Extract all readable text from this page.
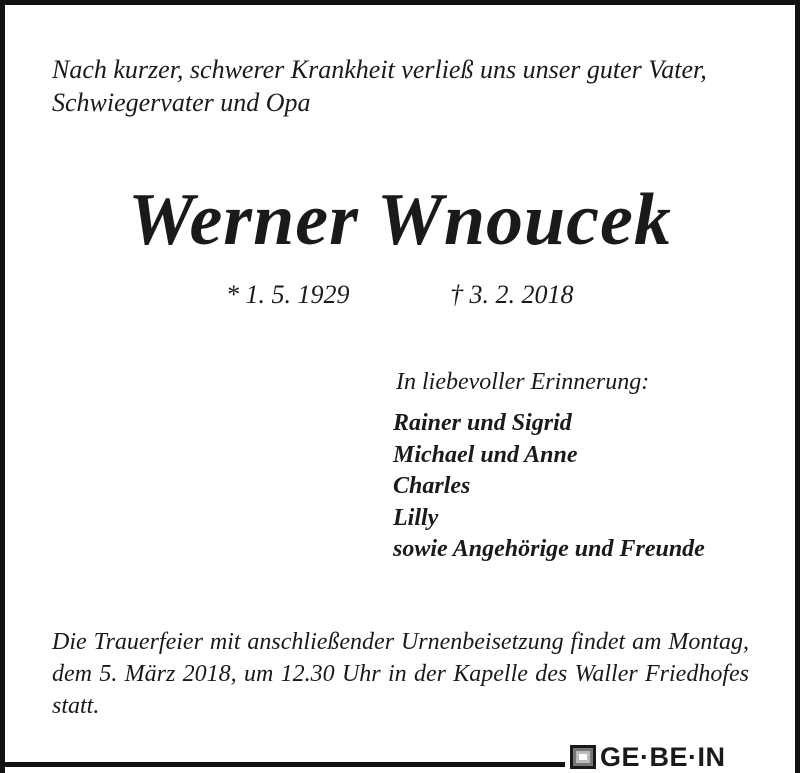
Nach kurzer, schwerer Krankheit verließ uns unser guter Vater,
Schwiegervater und Opa

Werner Wnoucek

* 1. 5. 1929	† 3. 2. 2018

In liebevoller Erinnerung:

Rainer und Sigrid
Michael und Anne
Charles
Lilly
sowie Angehörige und Freunde

Die Trauerfeier mit anschließender Urnenbeisetzung findet am Montag, dem 5. März 2018, um 12.30 Uhr in der Kapelle des Waller Friedhofes statt.

GE·BE·IN
